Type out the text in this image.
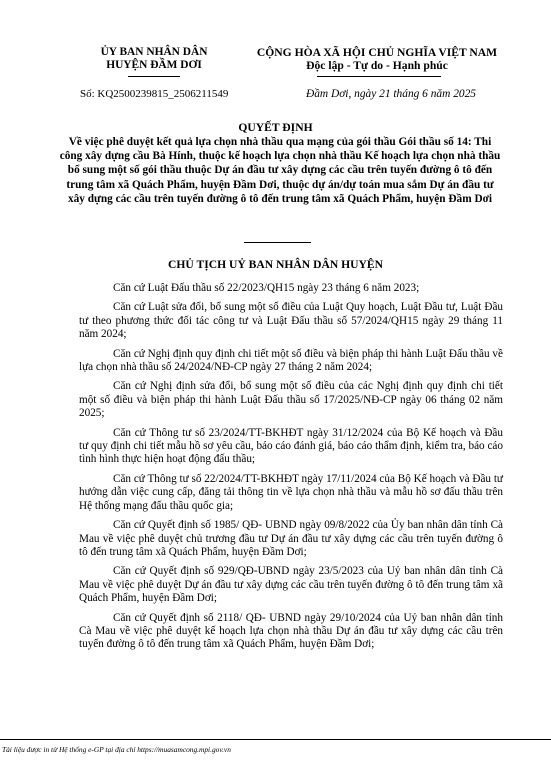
ỦY BAN NHÂN DÂN
HUYỆN ĐẦM DƠI
CỘNG HÒA XÃ HỘI CHỦ NGHĨA VIỆT NAM
Độc lập - Tự do - Hạnh phúc
Số: KQ2500239815_2506211549	Đầm Dơi, ngày 21 tháng 6 năm 2025
QUYẾT ĐỊNH
Về việc phê duyệt kết quả lựa chọn nhà thầu qua mạng của gói thầu Gói thầu số 14: Thi công xây dựng cầu Bà Hính, thuộc kế hoạch lựa chọn nhà thầu Kế hoạch lựa chọn nhà thầu bổ sung một số gói thầu thuộc Dự án đầu tư xây dựng các cầu trên tuyến đường ô tô đến trung tâm xã Quách Phẩm, huyện Đầm Dơi, thuộc dự án/dự toán mua sắm Dự án đầu tư xây dựng các cầu trên tuyến đường ô tô đến trung tâm xã Quách Phẩm, huyện Đầm Dơi
CHỦ TỊCH UỶ BAN NHÂN DÂN HUYỆN

Căn cứ Luật Đấu thầu số 22/2023/QH15 ngày 23 tháng 6 năm 2023;

Căn cứ Luật sửa đổi, bổ sung một số điều của Luật Quy hoạch, Luật Đầu tư, Luật Đầu tư theo phương thức đối tác công tư và Luật Đấu thầu số 57/2024/QH15 ngày 29 tháng 11 năm 2024;

Căn cứ Nghị định quy định chi tiết một số điều và biện pháp thi hành Luật Đấu thầu về lựa chọn nhà thầu số 24/2024/NĐ-CP ngày 27 tháng 2 năm 2024;

Căn cứ Nghị định sửa đổi, bổ sung một số điều của các Nghị định quy định chi tiết một số điều và biện pháp thi hành Luật Đấu thầu số 17/2025/NĐ-CP ngày 06 tháng 02 năm 2025;

Căn cứ Thông tư số 23/2024/TT-BKHĐT ngày 31/12/2024 của Bộ Kế hoạch và Đầu tư quy định chi tiết mẫu hồ sơ yêu cầu, báo cáo đánh giá, báo cáo thẩm định, kiểm tra, báo cáo tình hình thực hiện hoạt động đấu thầu;

Căn cứ Thông tư số 22/2024/TT-BKHĐT ngày 17/11/2024 của Bộ Kế hoạch và Đầu tư hướng dẫn việc cung cấp, đăng tải thông tin về lựa chọn nhà thầu và mẫu hồ sơ đấu thầu trên Hệ thống mạng đấu thầu quốc gia;

Căn cứ Quyết định số 1985/ QĐ- UBND ngày 09/8/2022 của Ủy ban nhân dân tỉnh Cà Mau về việc phê duyệt chủ trương đầu tư Dự án đầu tư xây dựng các cầu trên tuyến đường ô tô đến trung tâm xã Quách Phẩm, huyện Đầm Dơi;

Căn cứ Quyết định số 929/QĐ-UBND ngày 23/5/2023 của Uỷ ban nhân dân tỉnh Cà Mau về việc phê duyệt Dự án đầu tư xây dựng các cầu trên tuyến đường ô tô đến trung tâm xã Quách Phẩm, huyện Đầm Dơi;

Căn cứ Quyết định số 2118/ QĐ- UBND ngày 29/10/2024 của Uỷ ban nhân dân tỉnh Cà Mau về việc phê duyệt kế hoạch lựa chọn nhà thầu Dự án đầu tư xây dựng các cầu trên tuyến đường ô tô đến trung tâm xã Quách Phẩm, huyện Đầm Dơi;

Tài liệu được in từ Hệ thống e-GP tại địa chỉ https://muasamcong.mpi.gov.vn
